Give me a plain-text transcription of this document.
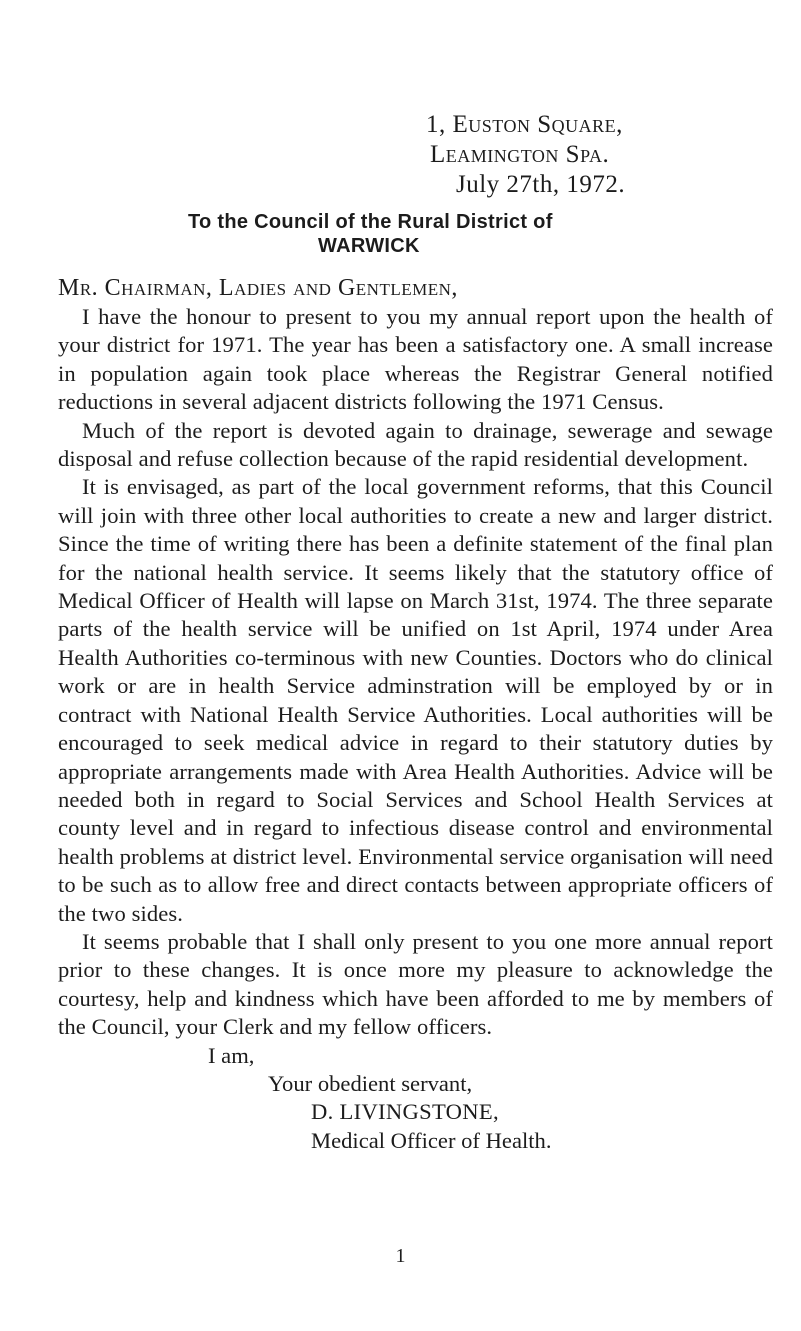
1, Euston Square,
Leamington Spa.
July 27th, 1972.
To the Council of the Rural District of
WARWICK
Mr. Chairman, Ladies and Gentlemen,

I have the honour to present to you my annual report upon the health of your district for 1971. The year has been a satisfactory one. A small increase in population again took place whereas the Registrar General notified reductions in several adjacent districts following the 1971 Census.

Much of the report is devoted again to drainage, sewerage and sewage disposal and refuse collection because of the rapid residential development.

It is envisaged, as part of the local government reforms, that this Council will join with three other local authorities to create a new and larger district. Since the time of writing there has been a definite statement of the final plan for the national health service. It seems likely that the statutory office of Medical Officer of Health will lapse on March 31st, 1974. The three separate parts of the health service will be unified on 1st April, 1974 under Area Health Authorities co-terminous with new Counties. Doctors who do clinical work or are in health Service adminstration will be employed by or in contract with National Health Service Authorities. Local authorities will be encouraged to seek medical advice in regard to their statutory duties by appropriate arrangements made with Area Health Authorities. Advice will be needed both in regard to Social Services and School Health Services at county level and in regard to infectious disease control and environmental health problems at district level. Environmental service organisation will need to be such as to allow free and direct contacts between appropriate officers of the two sides.

It seems probable that I shall only present to you one more annual report prior to these changes. It is once more my pleasure to acknowledge the courtesy, help and kindness which have been afforded to me by members of the Council, your Clerk and my fellow officers.

I am,
Your obedient servant,
D. LIVINGSTONE,
Medical Officer of Health.
1
